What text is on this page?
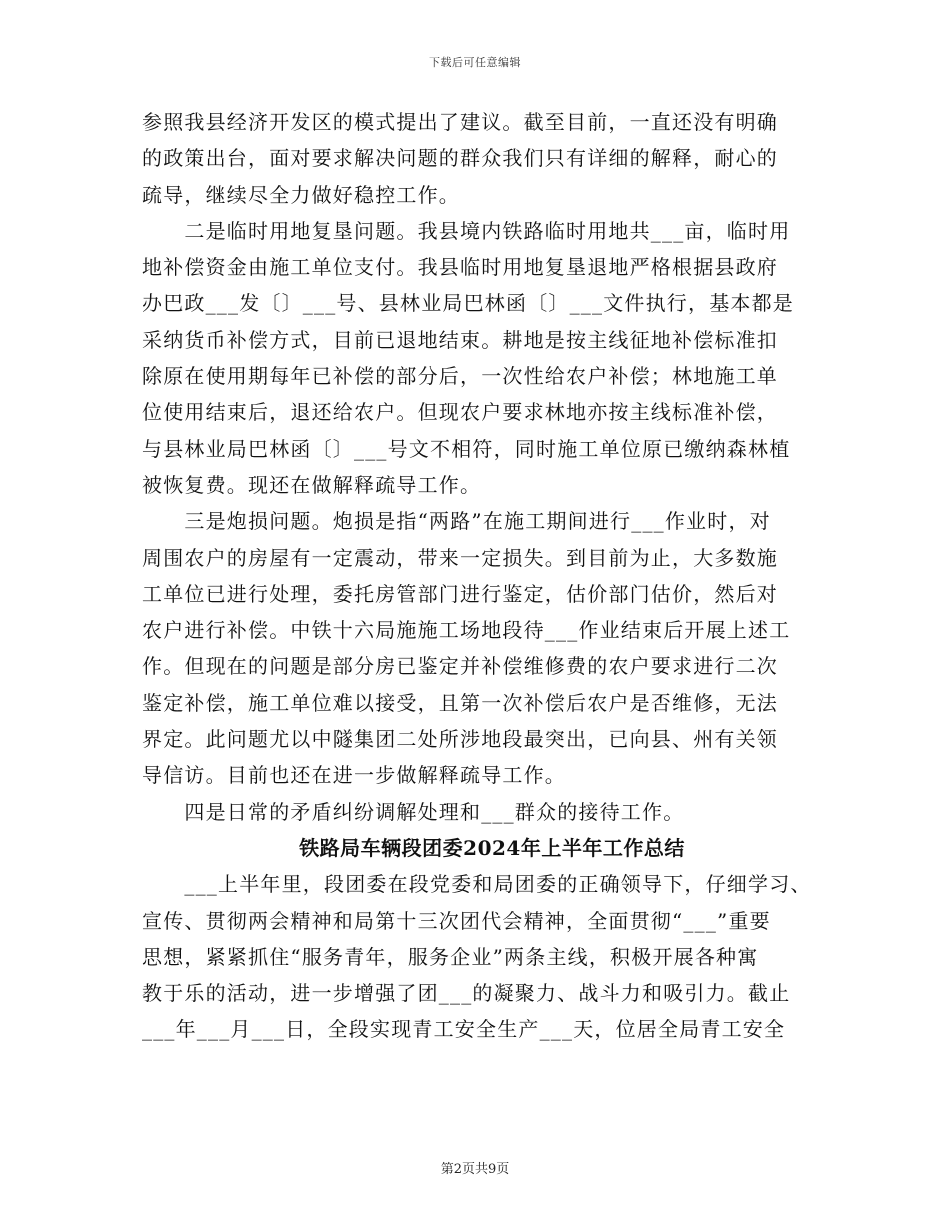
下载后可任意编辑
参照我县经济开发区的模式提出了建议。截至目前，一直还没有明确
的政策出台，面对要求解决问题的群众我们只有详细的解释，耐心的
疏导，继续尽全力做好稳控工作。
　　二是临时用地复垦问题。我县境内铁路临时用地共___亩，临时用
地补偿资金由施工单位支付。我县临时用地复垦退地严格根据县政府
办巴政___发〔〕___号、县林业局巴林函〔〕___文件执行，基本都是
采纳货币补偿方式，目前已退地结束。耕地是按主线征地补偿标准扣
除原在使用期每年已补偿的部分后，一次性给农户补偿；林地施工单
位使用结束后，退还给农户。但现农户要求林地亦按主线标准补偿，
与县林业局巴林函〔〕___号文不相符，同时施工单位原已缴纳森林植
被恢复费。现还在做解释疏导工作。
　　三是炮损问题。炮损是指“两路”在施工期间进行___作业时，对
周围农户的房屋有一定震动，带来一定损失。到目前为止，大多数施
工单位已进行处理，委托房管部门进行鉴定，估价部门估价，然后对
农户进行补偿。中铁十六局施施工场地段待___作业结束后开展上述工
作。但现在的问题是部分房已鉴定并补偿维修费的农户要求进行二次
鉴定补偿，施工单位难以接受，且第一次补偿后农户是否维修，无法
界定。此问题尤以中隧集团二处所涉地段最突出，已向县、州有关领
导信访。目前也还在进一步做解释疏导工作。
　　四是日常的矛盾纠纷调解处理和___群众的接待工作。
铁路局车辆段团委2024年上半年工作总结
　　___上半年里，段团委在段党委和局团委的正确领导下，仔细学习、
宣传、贯彻两会精神和局第十三次团代会精神，全面贯彻“___”重要
思想，紧紧抓住“服务青年，服务企业”两条主线，积极开展各种寓
教于乐的活动，进一步增强了团___的凝聚力、战斗力和吸引力。截止
___年___月___日，全段实现青工安全生产___天，位居全局青工安全
第2页共9页
